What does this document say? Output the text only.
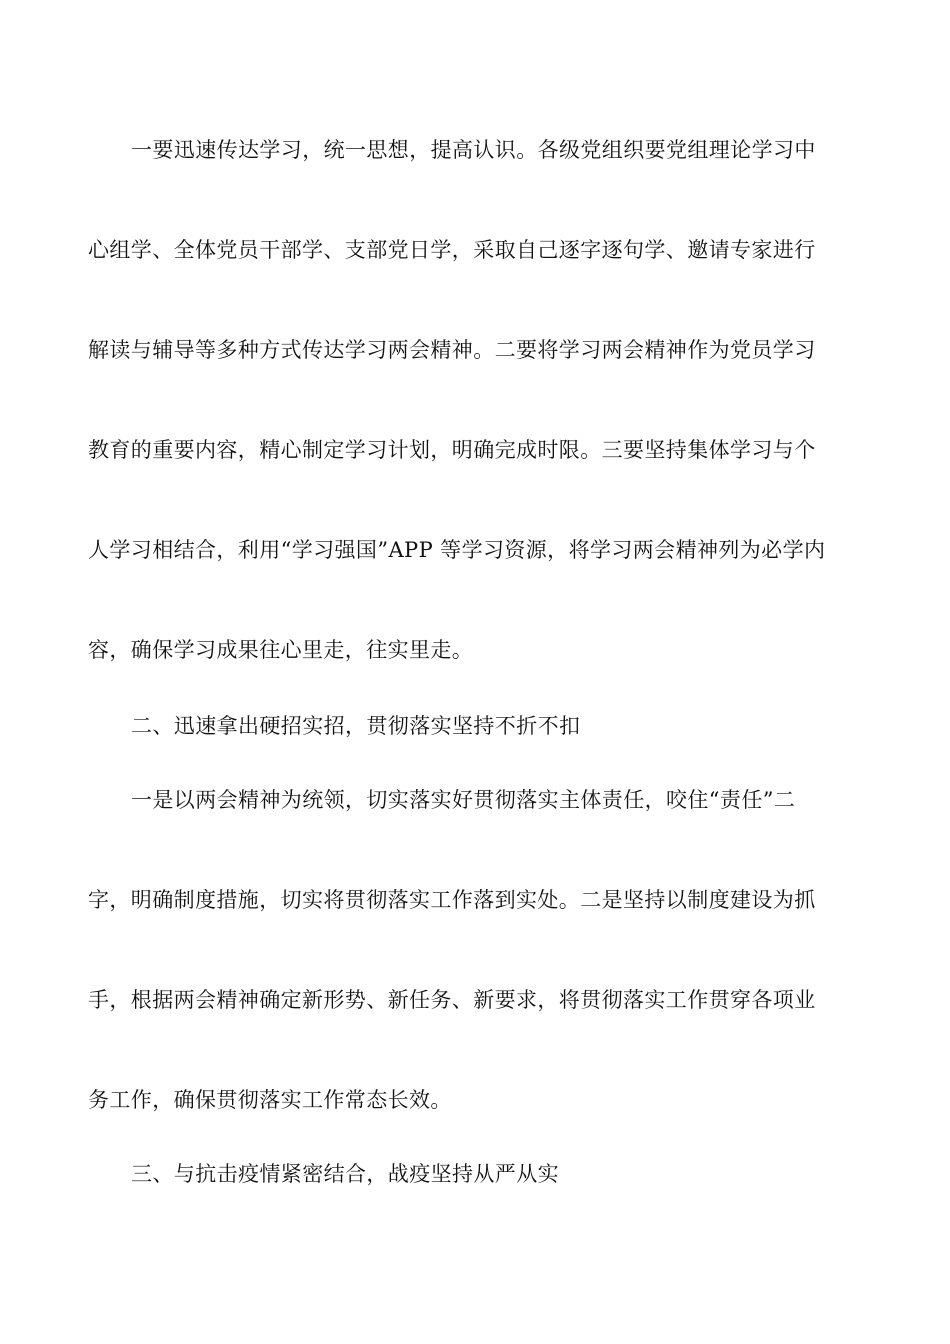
一要迅速传达学习，统一思想，提高认识。各级党组织要党组理论学习中
心组学、全体党员干部学、支部党日学，采取自己逐字逐句学、邀请专家进行
解读与辅导等多种方式传达学习两会精神。二要将学习两会精神作为党员学习
教育的重要内容，精心制定学习计划，明确完成时限。三要坚持集体学习与个
人学习相结合，利用“学习强国”APP 等学习资源，将学习两会精神列为必学内
容，确保学习成果往心里走，往实里走。
二、迅速拿出硬招实招，贯彻落实坚持不折不扣
一是以两会精神为统领，切实落实好贯彻落实主体责任，咬住“责任”二
字，明确制度措施，切实将贯彻落实工作落到实处。二是坚持以制度建设为抓
手，根据两会精神确定新形势、新任务、新要求，将贯彻落实工作贯穿各项业
务工作，确保贯彻落实工作常态长效。
三、与抗击疫情紧密结合，战疫坚持从严从实
